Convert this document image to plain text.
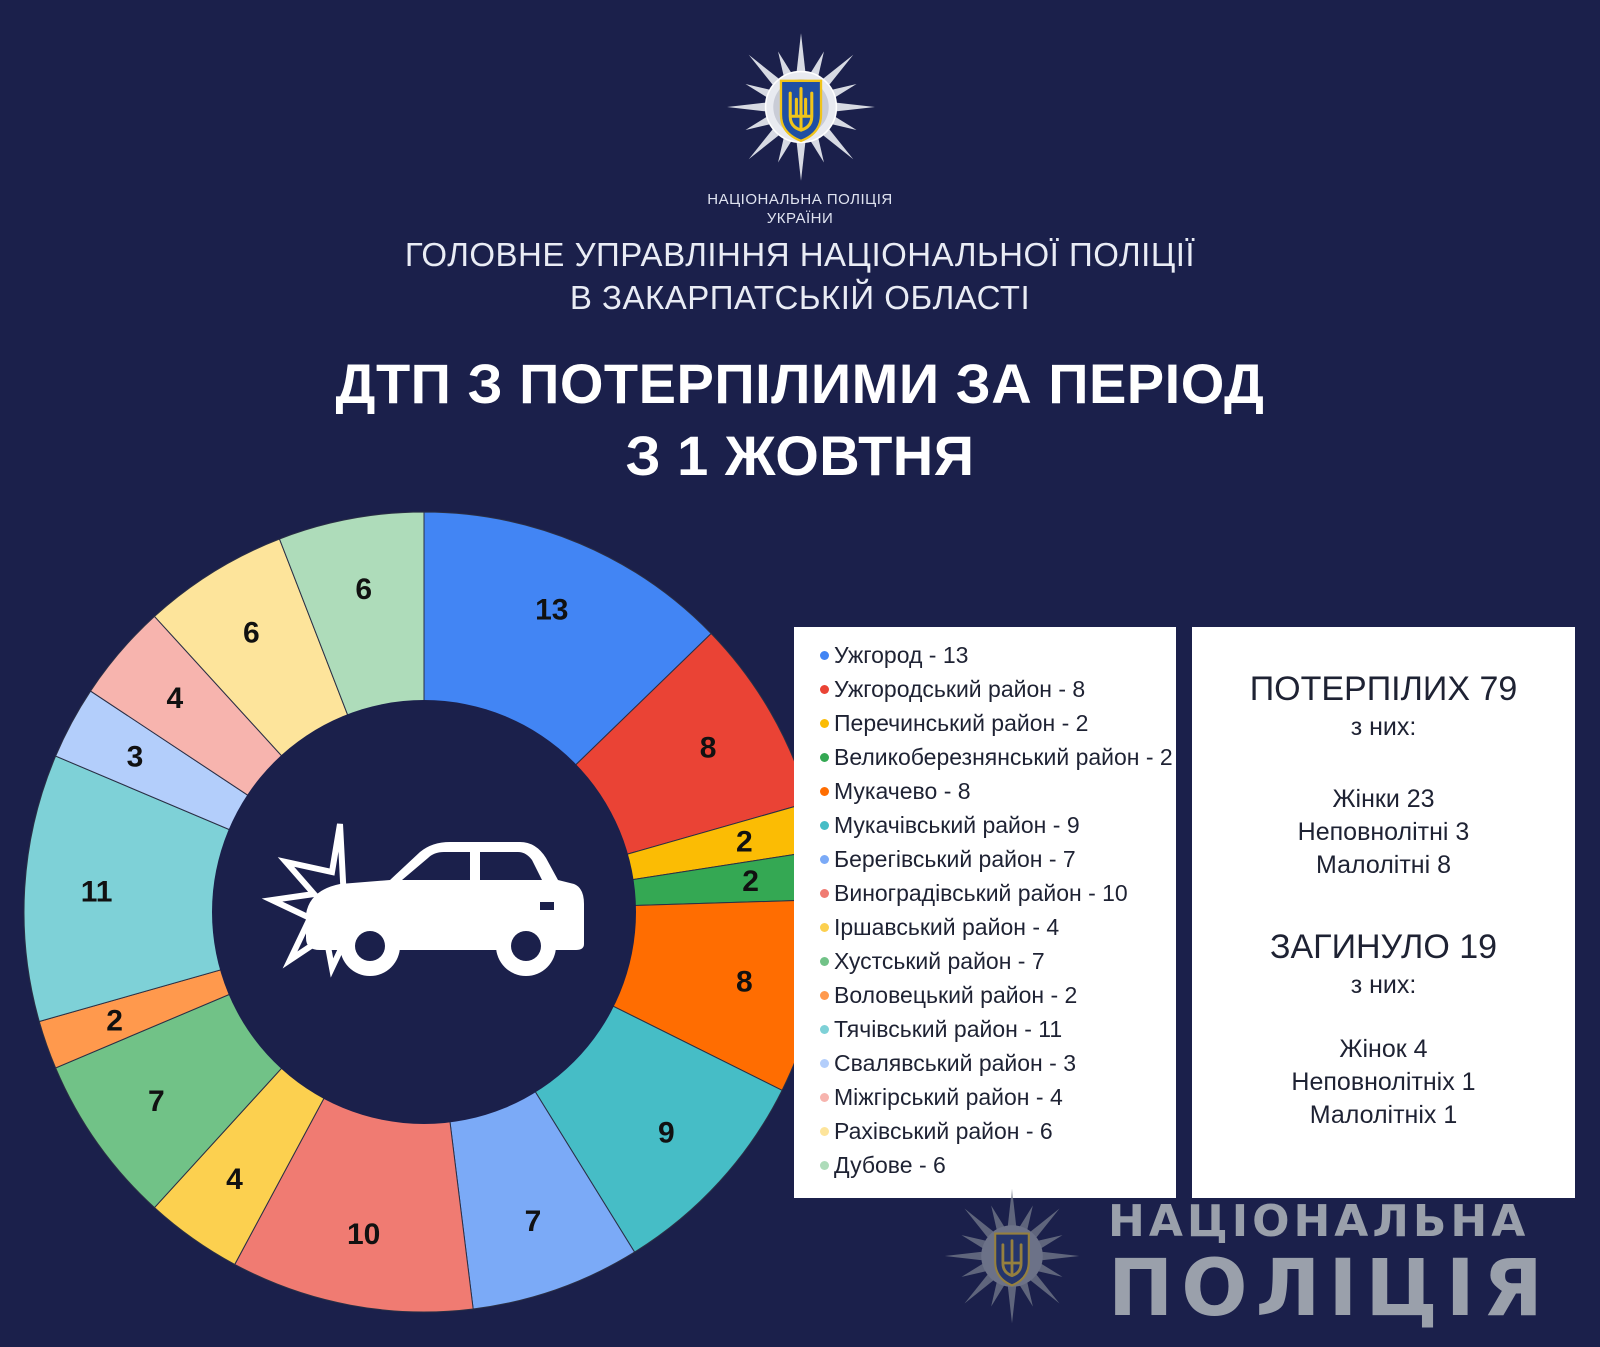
НАЦІОНАЛЬНА ПОЛІЦІЯ
УКРАЇНИ
ГОЛОВНЕ УПРАВЛІННЯ НАЦІОНАЛЬНОЇ ПОЛІЦІЇ
В ЗАКАРПАТСЬКІЙ ОБЛАСТІ
ДТП З ПОТЕРПІЛИМИ ЗА ПЕРІОД
З 1 ЖОВТНЯ
13
8
2
2
8
9
7
10
4
7
2
11
3
4
6
6
Ужгород - 13
Ужгородський район - 8
Перечинський район - 2
Великоберезнянський район - 2
Мукачево - 8
Мукачівський район - 9
Берегівський район - 7
Виноградівський район - 10
Іршавський район - 4
Хустський район - 7
Воловецький район - 2
Тячівський район - 11
Свалявський район - 3
Міжгірський район - 4
Рахівський район - 6
Дубове - 6
ПОТЕРПІЛИХ 79
з них:
Жінки 23
Неповнолітні 3
Малолітні 8
ЗАГИНУЛО 19
з них:
Жінок 4
Неповнолітніх 1
Малолітніх 1
НАЦІОНАЛЬНА
ПОЛІЦІЯ
